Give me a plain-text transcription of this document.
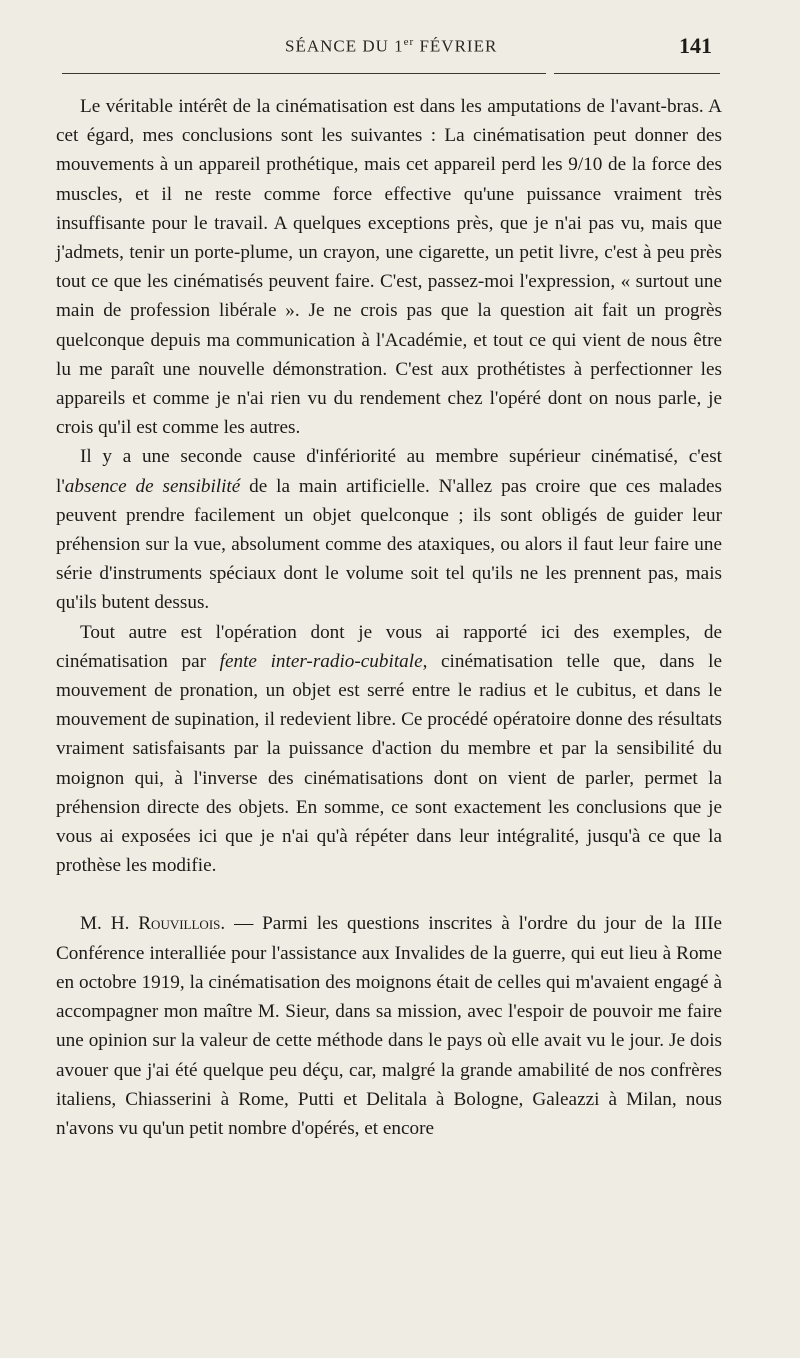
SÉANCE DU 1er FÉVRIER	141

Le véritable intérêt de la cinématisation est dans les amputations de l'avant-bras. A cet égard, mes conclusions sont les suivantes : La cinématisation peut donner des mouvements à un appareil prothétique, mais cet appareil perd les 9/10 de la force des muscles, et il ne reste comme force effective qu'une puissance vraiment très insuffisante pour le travail. A quelques exceptions près, que je n'ai pas vu, mais que j'admets, tenir un porte-plume, un crayon, une cigarette, un petit livre, c'est à peu près tout ce que les cinématisés peuvent faire. C'est, passez-moi l'expression, « surtout une main de profession libérale ». Je ne crois pas que la question ait fait un progrès quelconque depuis ma communication à l'Académie, et tout ce qui vient de nous être lu me paraît une nouvelle démonstration. C'est aux prothétistes à perfectionner les appareils et comme je n'ai rien vu du rendement chez l'opéré dont on nous parle, je crois qu'il est comme les autres.

Il y a une seconde cause d'infériorité au membre supérieur cinématisé, c'est l'absence de sensibilité de la main artificielle. N'allez pas croire que ces malades peuvent prendre facilement un objet quelconque ; ils sont obligés de guider leur préhension sur la vue, absolument comme des ataxiques, ou alors il faut leur faire une série d'instruments spéciaux dont le volume soit tel qu'ils ne les prennent pas, mais qu'ils butent dessus.

Tout autre est l'opération dont je vous ai rapporté ici des exemples, de cinématisation par fente inter-radio-cubitale, cinématisation telle que, dans le mouvement de pronation, un objet est serré entre le radius et le cubitus, et dans le mouvement de supination, il redevient libre. Ce procédé opératoire donne des résultats vraiment satisfaisants par la puissance d'action du membre et par la sensibilité du moignon qui, à l'inverse des cinématisations dont on vient de parler, permet la préhension directe des objets. En somme, ce sont exactement les conclusions que je vous ai exposées ici que je n'ai qu'à répéter dans leur intégralité, jusqu'à ce que la prothèse les modifie.

M. H. Rouvillois. — Parmi les questions inscrites à l'ordre du jour de la IIIe Conférence interalliée pour l'assistance aux Invalides de la guerre, qui eut lieu à Rome en octobre 1919, la cinématisation des moignons était de celles qui m'avaient engagé à accompagner mon maître M. Sieur, dans sa mission, avec l'espoir de pouvoir me faire une opinion sur la valeur de cette méthode dans le pays où elle avait vu le jour. Je dois avouer que j'ai été quelque peu déçu, car, malgré la grande amabilité de nos confrères italiens, Chiasserini à Rome, Putti et Delitala à Bologne, Galeazzi à Milan, nous n'avons vu qu'un petit nombre d'opérés, et encore
